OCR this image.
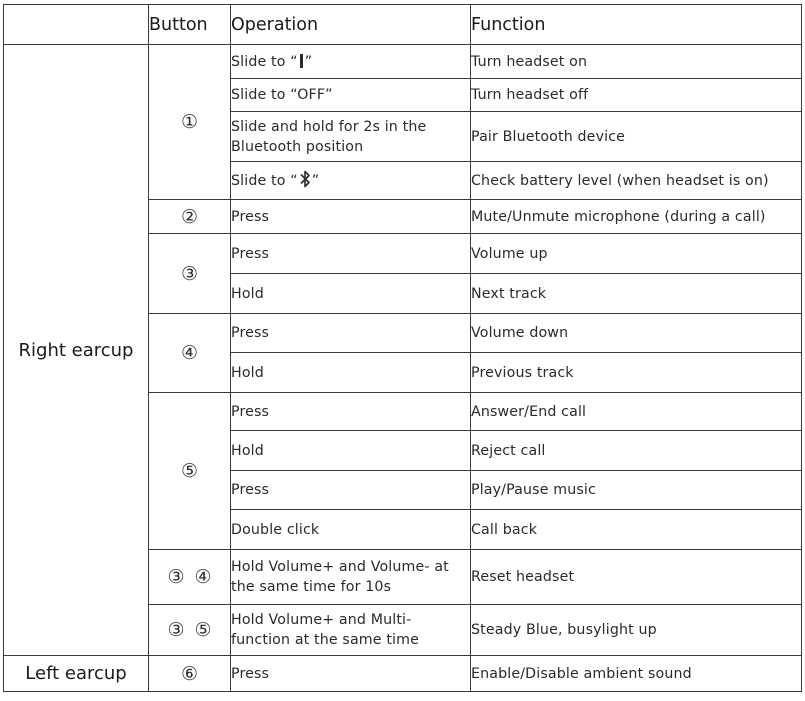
	Button	Operation	Function
Right earcup	①	Slide to “ ”	Turn headset on
		Slide to “OFF”	Turn headset off
		Slide and hold for 2s in the Bluetooth position	Pair Bluetooth device
		Slide to “ ”	Check battery level (when headset is on)
	②	Press	Mute/Unmute microphone (during a call)
	③	Press	Volume up
		Hold	Next track
	④	Press	Volume down
		Hold	Previous track
	⑤	Press	Answer/End call
		Hold	Reject call
		Press	Play/Pause music
		Double click	Call back
	③ ④	Hold Volume+ and Volume- at the same time for 10s	Reset headset
	③ ⑤	Hold Volume+ and Multi-function at the same time	Steady Blue, busylight up
Left earcup	⑥	Press	Enable/Disable ambient sound
